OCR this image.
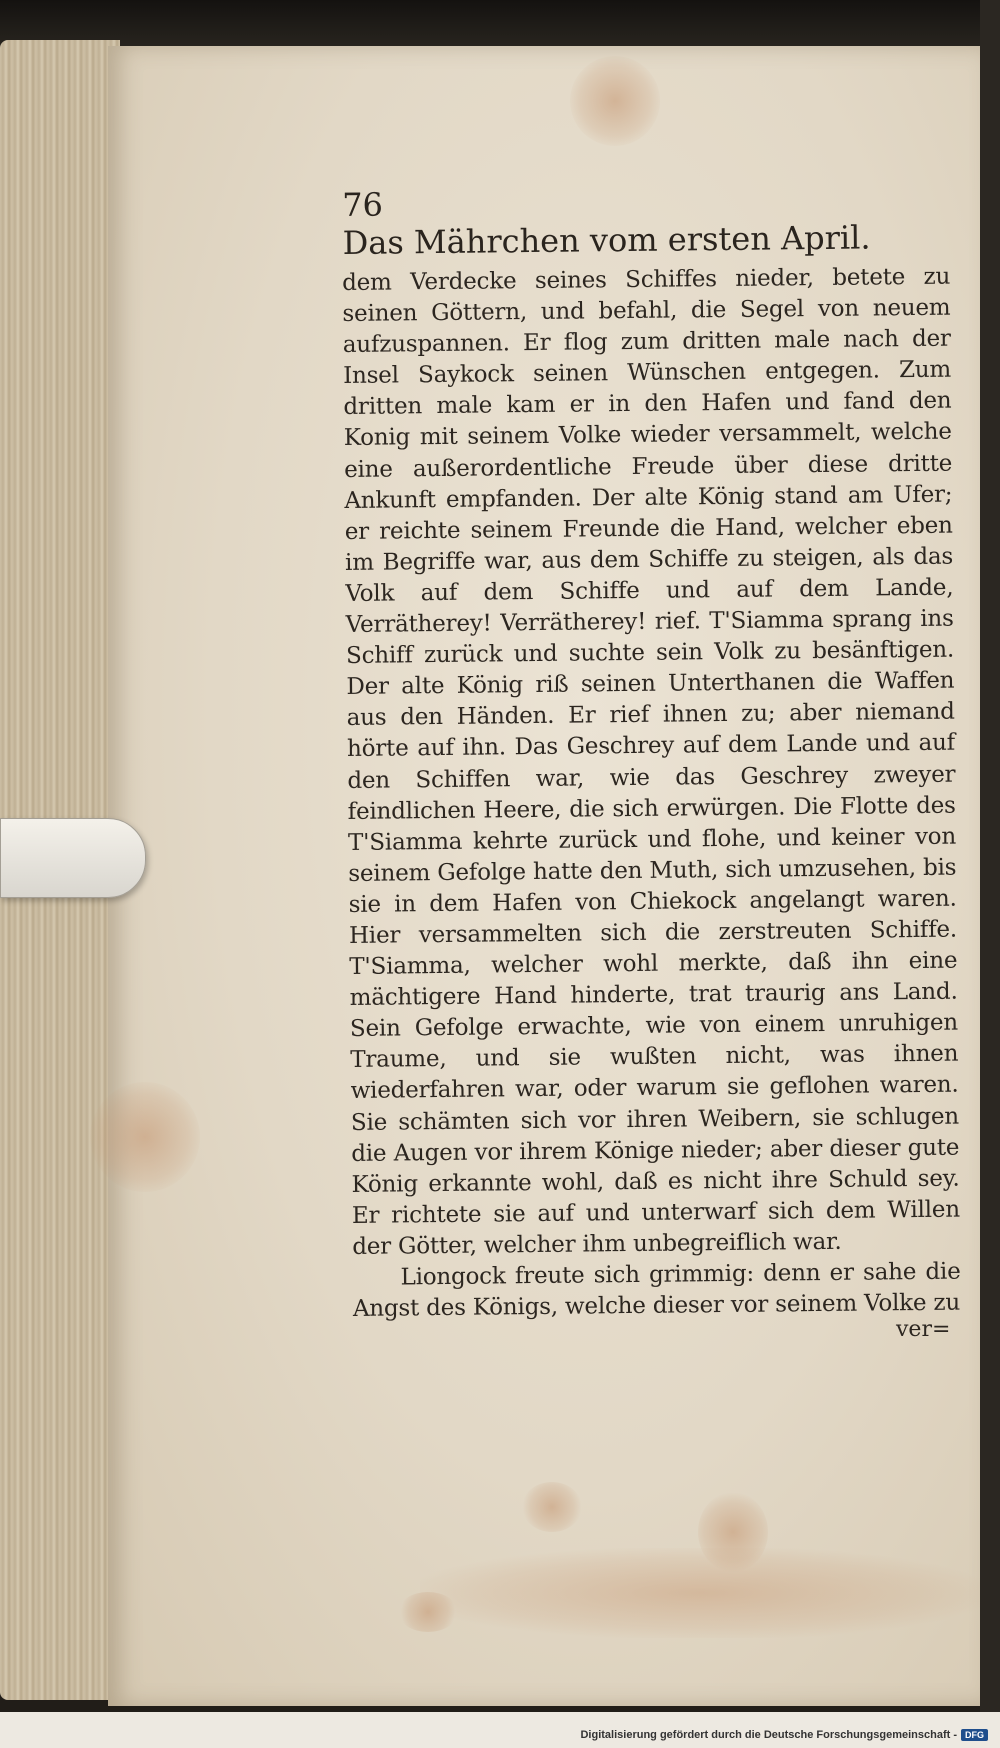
76 Das Mährchen vom ersten April.

dem Verdecke seines Schiffes nieder, betete zu seinen Göttern, und befahl, die Segel von neuem aufzuspannen. Er flog zum dritten male nach der Insel Saykock seinen Wünschen entgegen. Zum dritten male kam er in den Hafen und fand den Konig mit seinem Volke wieder versammelt, welche eine außerordentliche Freude über diese dritte Ankunft empfanden. Der alte König stand am Ufer; er reichte seinem Freunde die Hand, welcher eben im Begriffe war, aus dem Schiffe zu steigen, als das Volk auf dem Schiffe und auf dem Lande, Verrätherey! Verrätherey! rief. T'Siamma sprang ins Schiff zurück und suchte sein Volk zu besänftigen. Der alte König riß seinen Unterthanen die Waffen aus den Händen. Er rief ihnen zu; aber niemand hörte auf ihn. Das Geschrey auf dem Lande und auf den Schiffen war, wie das Geschrey zweyer feindlichen Heere, die sich erwürgen. Die Flotte des T'Siamma kehrte zurück und flohe, und keiner von seinem Gefolge hatte den Muth, sich umzusehen, bis sie in dem Hafen von Chiekock angelangt waren. Hier versammelten sich die zerstreuten Schiffe. T'Siamma, welcher wohl merkte, daß ihn eine mächtigere Hand hinderte, trat traurig ans Land. Sein Gefolge erwachte, wie von einem unruhigen Traume, und sie wußten nicht, was ihnen wiederfahren war, oder warum sie geflohen waren. Sie schämten sich vor ihren Weibern, sie schlugen die Augen vor ihrem Könige nieder; aber dieser gute König erkannte wohl, daß es nicht ihre Schuld sey. Er richtete sie auf und unterwarf sich dem Willen der Götter, welcher ihm unbegreiflich war.

Liongock freute sich grimmig: denn er sahe die Angst des Königs, welche dieser vor seinem Volke zu

ver=
Digitalisierung gefördert durch die Deutsche Forschungsgemeinschaft - DFG
